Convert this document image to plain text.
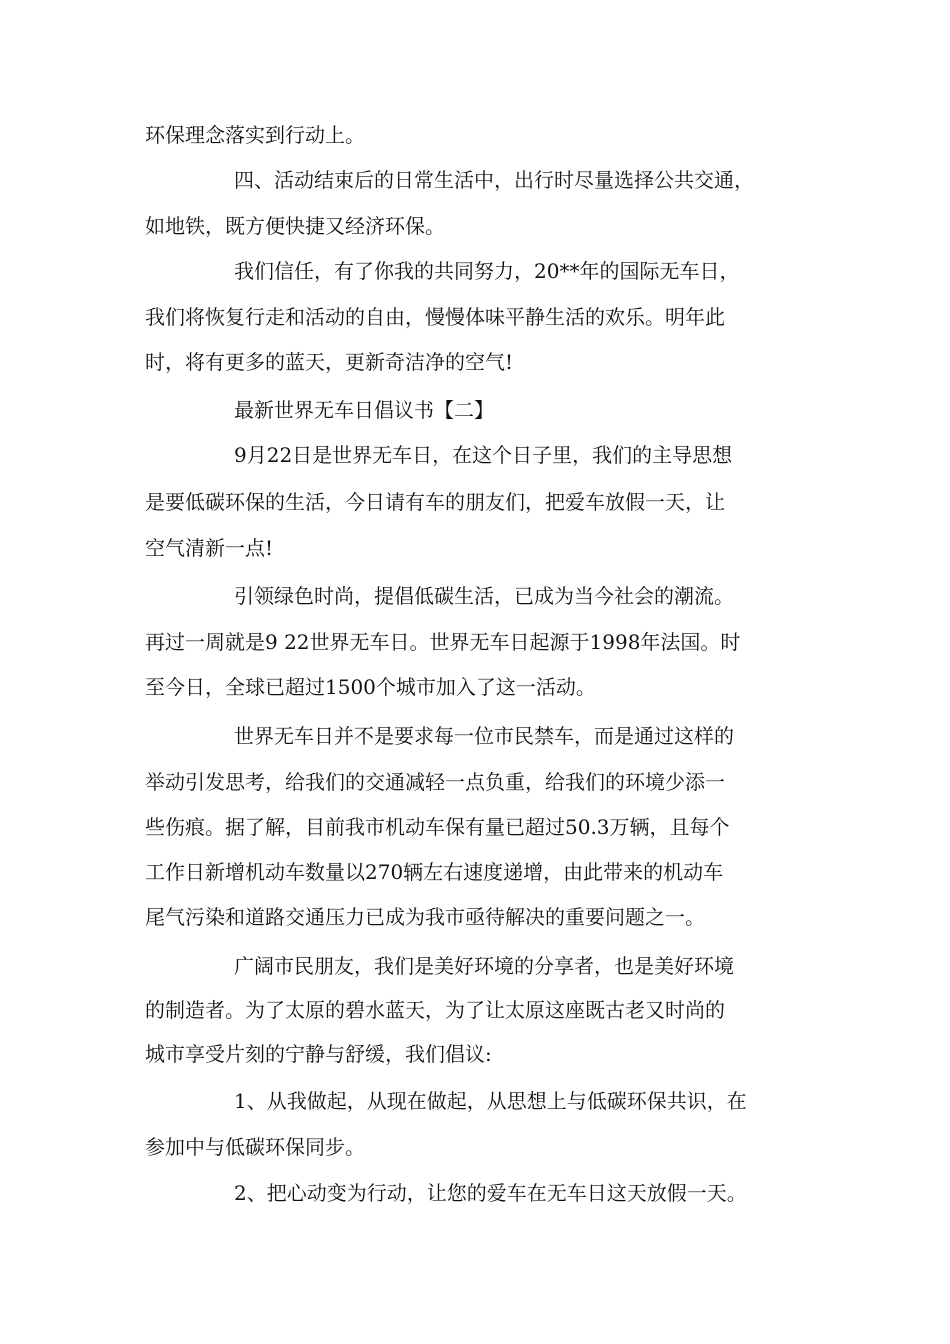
环保理念落实到行动上。
四、活动结束后的日常生活中，出行时尽量选择公共交通，
如地铁，既方便快捷又经济环保。
我们信任，有了你我的共同努力，20**年的国际无车日，
我们将恢复行走和活动的自由，慢慢体味平静生活的欢乐。明年此
时，将有更多的蓝天，更新奇洁净的空气!
最新世界无车日倡议书【二】
9月22日是世界无车日，在这个日子里，我们的主导思想
是要低碳环保的生活，今日请有车的朋友们，把爱车放假一天，让
空气清新一点!
引领绿色时尚，提倡低碳生活，已成为当今社会的潮流。
再过一周就是9 22世界无车日。世界无车日起源于1998年法国。时
至今日，全球已超过1500个城市加入了这一活动。
世界无车日并不是要求每一位市民禁车，而是通过这样的
举动引发思考，给我们的交通减轻一点负重，给我们的环境少添一
些伤痕。据了解，目前我市机动车保有量已超过50.3万辆，且每个
工作日新增机动车数量以270辆左右速度递增，由此带来的机动车
尾气污染和道路交通压力已成为我市亟待解决的重要问题之一。
广阔市民朋友，我们是美好环境的分享者，也是美好环境
的制造者。为了太原的碧水蓝天，为了让太原这座既古老又时尚的
城市享受片刻的宁静与舒缓，我们倡议:
1、从我做起，从现在做起，从思想上与低碳环保共识，在
参加中与低碳环保同步。
2、把心动变为行动，让您的爱车在无车日这天放假一天。
